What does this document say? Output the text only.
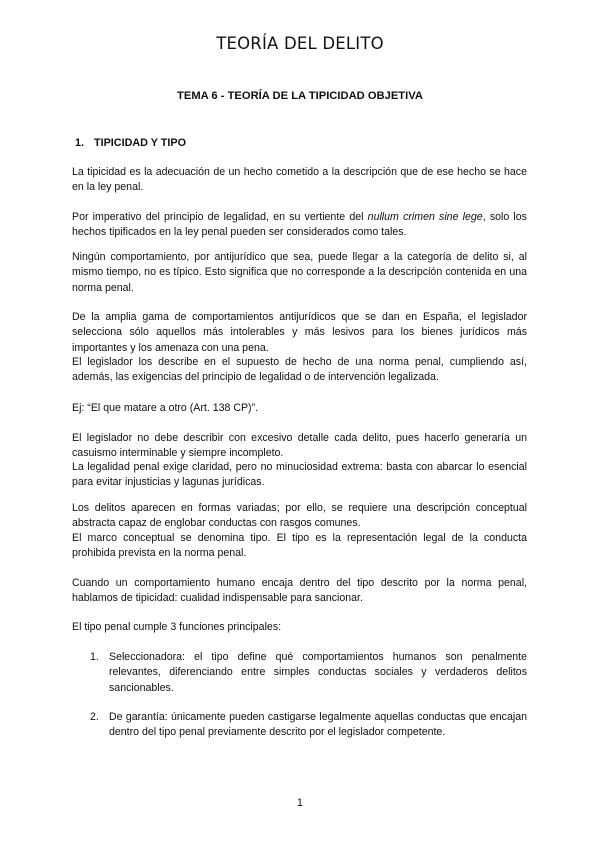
TEORÍA DEL DELITO
TEMA 6 - TEORÍA DE LA TIPICIDAD OBJETIVA
1. TIPICIDAD Y TIPO

La tipicidad es la adecuación de un hecho cometido a la descripción que de ese hecho se hace en la ley penal.

Por imperativo del principio de legalidad, en su vertiente del nullum crimen sine lege, solo los hechos tipificados en la ley penal pueden ser considerados como tales.

Ningún comportamiento, por antijurídico que sea, puede llegar a la categoría de delito si, al mismo tiempo, no es típico. Esto significa que no corresponde a la descripción contenida en una norma penal.

De la amplia gama de comportamientos antijurídicos que se dan en España, el legislador selecciona sólo aquellos más intolerables y más lesivos para los bienes jurídicos más importantes y los amenaza con una pena.

El legislador los describe en el supuesto de hecho de una norma penal, cumpliendo así, además, las exigencias del principio de legalidad o de intervención legalizada.

Ej: “El que matare a otro (Art. 138 CP)”.

El legislador no debe describir con excesivo detalle cada delito, pues hacerlo generaría un casuismo interminable y siempre incompleto.

La legalidad penal exige claridad, pero no minuciosidad extrema: basta con abarcar lo esencial para evitar injusticias y lagunas jurídicas.

Los delitos aparecen en formas variadas; por ello, se requiere una descripción conceptual abstracta capaz de englobar conductas con rasgos comunes.

El marco conceptual se denomina tipo. El tipo es la representación legal de la conducta prohibida prevista en la norma penal.

Cuando un comportamiento humano encaja dentro del tipo descrito por la norma penal, hablamos de tipicidad: cualidad indispensable para sancionar.

El tipo penal cumple 3 funciones principales:

1. Seleccionadora: el tipo define qué comportamientos humanos son penalmente relevantes, diferenciando entre simples conductas sociales y verdaderos delitos sancionables.
2. De garantía: únicamente pueden castigarse legalmente aquellas conductas que encajan dentro del tipo penal previamente descrito por el legislador competente.
1
